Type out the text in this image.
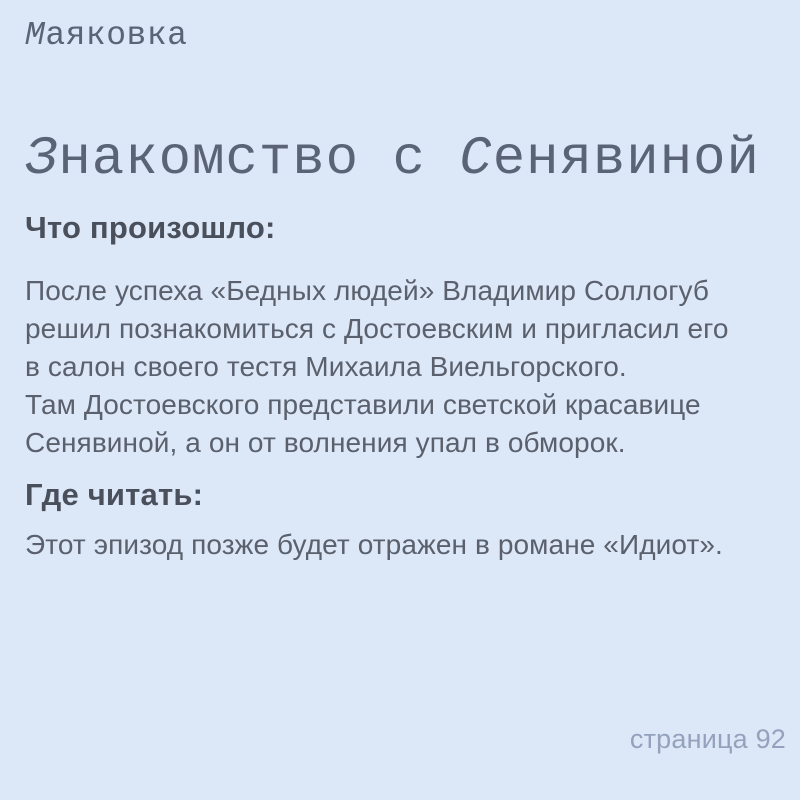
Маяковка
Знакомство с Сенявиной
Что произошло:
После успеха «Бедных людей» Владимир Соллогуб
решил познакомиться с Достоевским и пригласил его
в салон своего тестя Михаила Виельгорского.
Там Достоевского представили светской красавице
Сенявиной, а он от волнения упал в обморок.
Где читать:
Этот эпизод позже будет отражен в романе «Идиот».
страница 92
